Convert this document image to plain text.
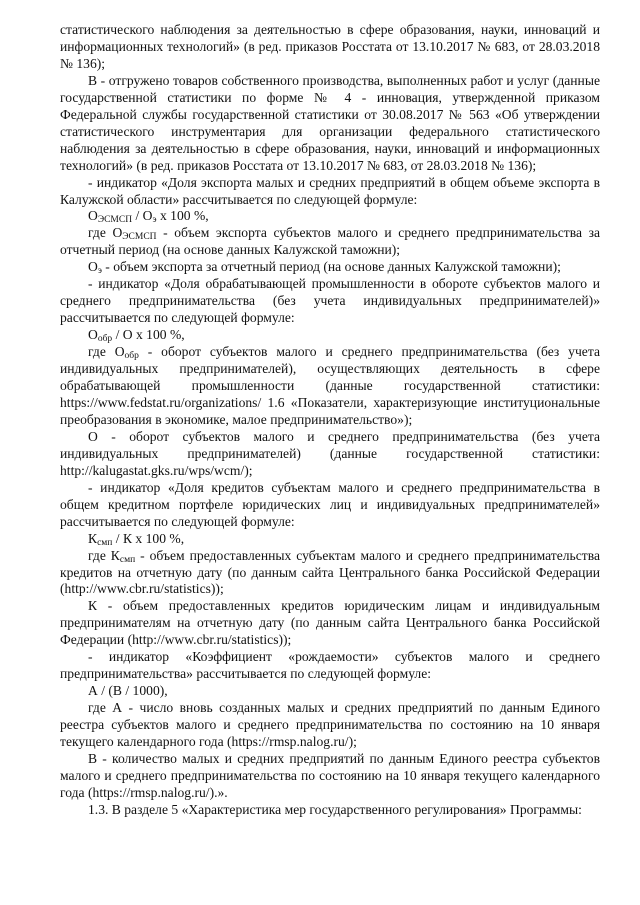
статистического наблюдения за деятельностью в сфере образования, науки, инноваций и информационных технологий» (в ред. приказов Росстата от 13.10.2017 № 683, от 28.03.2018 № 136);

В - отгружено товаров собственного производства, выполненных работ и услуг (данные государственной статистики по форме № 4 - инновация, утвержденной приказом Федеральной службы государственной статистики от 30.08.2017 № 563 «Об утверждении статистического инструментария для организации федерального статистического наблюдения за деятельностью в сфере образования, науки, инноваций и информационных технологий» (в ред. приказов Росстата от 13.10.2017 № 683, от 28.03.2018 № 136);

- индикатор «Доля экспорта малых и средних предприятий в общем объеме экспорта в Калужской области» рассчитывается по следующей формуле:

$О_{ЭСМСП} / О_э$ х 100 %,

где $О_{ЭСМСП}$ - объем экспорта субъектов малого и среднего предпринимательства за отчетный период (на основе данных Калужской таможни);

$О_э$ - объем экспорта за отчетный период (на основе данных Калужской таможни);

- индикатор «Доля обрабатывающей промышленности в обороте субъектов малого и среднего предпринимательства (без учета индивидуальных предпринимателей)» рассчитывается по следующей формуле:

$О_{обр}$ / О х 100 %,

где $О_{обр}$ - оборот субъектов малого и среднего предпринимательства (без учета индивидуальных предпринимателей), осуществляющих деятельность в сфере обрабатывающей промышленности (данные государственной статистики: https://www.fedstat.ru/organizations/ 1.6 «Показатели, характеризующие институциональные преобразования в экономике, малое предпринимательство»);

О - оборот субъектов малого и среднего предпринимательства (без учета индивидуальных предпринимателей) (данные государственной статистики: http://kalugastat.gks.ru/wps/wcm/);

- индикатор «Доля кредитов субъектам малого и среднего предпринимательства в общем кредитном портфеле юридических лиц и индивидуальных предпринимателей» рассчитывается по следующей формуле:

$К_{смп}$ / К х 100 %,

где $К_{смп}$ - объем предоставленных субъектам малого и среднего предпринимательства кредитов на отчетную дату (по данным сайта Центрального банка Российской Федерации (http://www.cbr.ru/statistics));

К - объем предоставленных кредитов юридическим лицам и индивидуальным предпринимателям на отчетную дату (по данным сайта Центрального банка Российской Федерации (http://www.cbr.ru/statistics));

- индикатор «Коэффициент «рождаемости» субъектов малого и среднего предпринимательства» рассчитывается по следующей формуле:

А / (В / 1000),

где А - число вновь созданных малых и средних предприятий по данным Единого реестра субъектов малого и среднего предпринимательства по состоянию на 10 января текущего календарного года (https://rmsp.nalog.ru/);

В - количество малых и средних предприятий по данным Единого реестра субъектов малого и среднего предпринимательства по состоянию на 10 января текущего календарного года (https://rmsp.nalog.ru/).».

1.3. В разделе 5 «Характеристика мер государственного регулирования» Программы:
